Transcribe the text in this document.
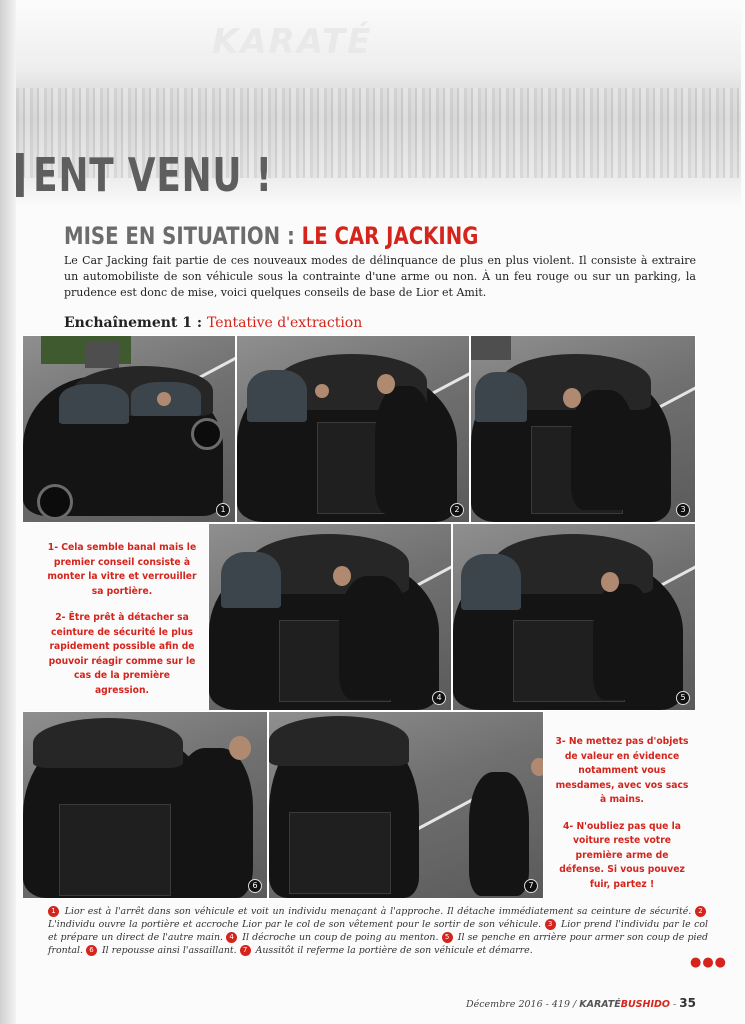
KARATÉ
ENT VENU !
MISE EN SITUATION : LE CAR JACKING

Le Car Jacking fait partie de ces nouveaux modes de délinquance de plus en plus violent. Il consiste à extraire un automobiliste de son véhicule sous la contrainte d'une arme ou non. À un feu rouge ou sur un parking, la prudence est donc de mise, voici quelques conseils de base de Lior et Amit.

Enchaînement 1 : Tentative d'extraction
1	2	3

1- Cela semble banal mais le premier conseil consiste à monter la vitre et verrouiller sa portière.

2- Être prêt à détacher sa ceinture de sécurité le plus rapidement possible afin de pouvoir réagir comme sur le cas de la première agression.

4	5
6	7

3- Ne mettez pas d'objets de valeur en évidence notamment vous mesdames, avec vos sacs à mains.

4- N'oubliez pas que la voiture reste votre première arme de défense. Si vous pouvez fuir, partez !

1 Lior est à l'arrêt dans son véhicule et voit un individu menaçant à l'approche. Il détache immédiatement sa ceinture de sécurité. 2 L'individu ouvre la portière et accroche Lior par le col de son vêtement pour le sortir de son véhicule. 3 Lior prend l'individu par le col et prépare un direct de l'autre main. 4 Il décroche un coup de poing au menton. 5 Il se penche en arrière pour armer son coup de pied frontal. 6 Il repousse ainsi l'assaillant. 7 Aussitôt il referme la portière de son véhicule et démarre.

●●●
Décembre 2016 - 419 / KARATÉBUSHIDO - 35
